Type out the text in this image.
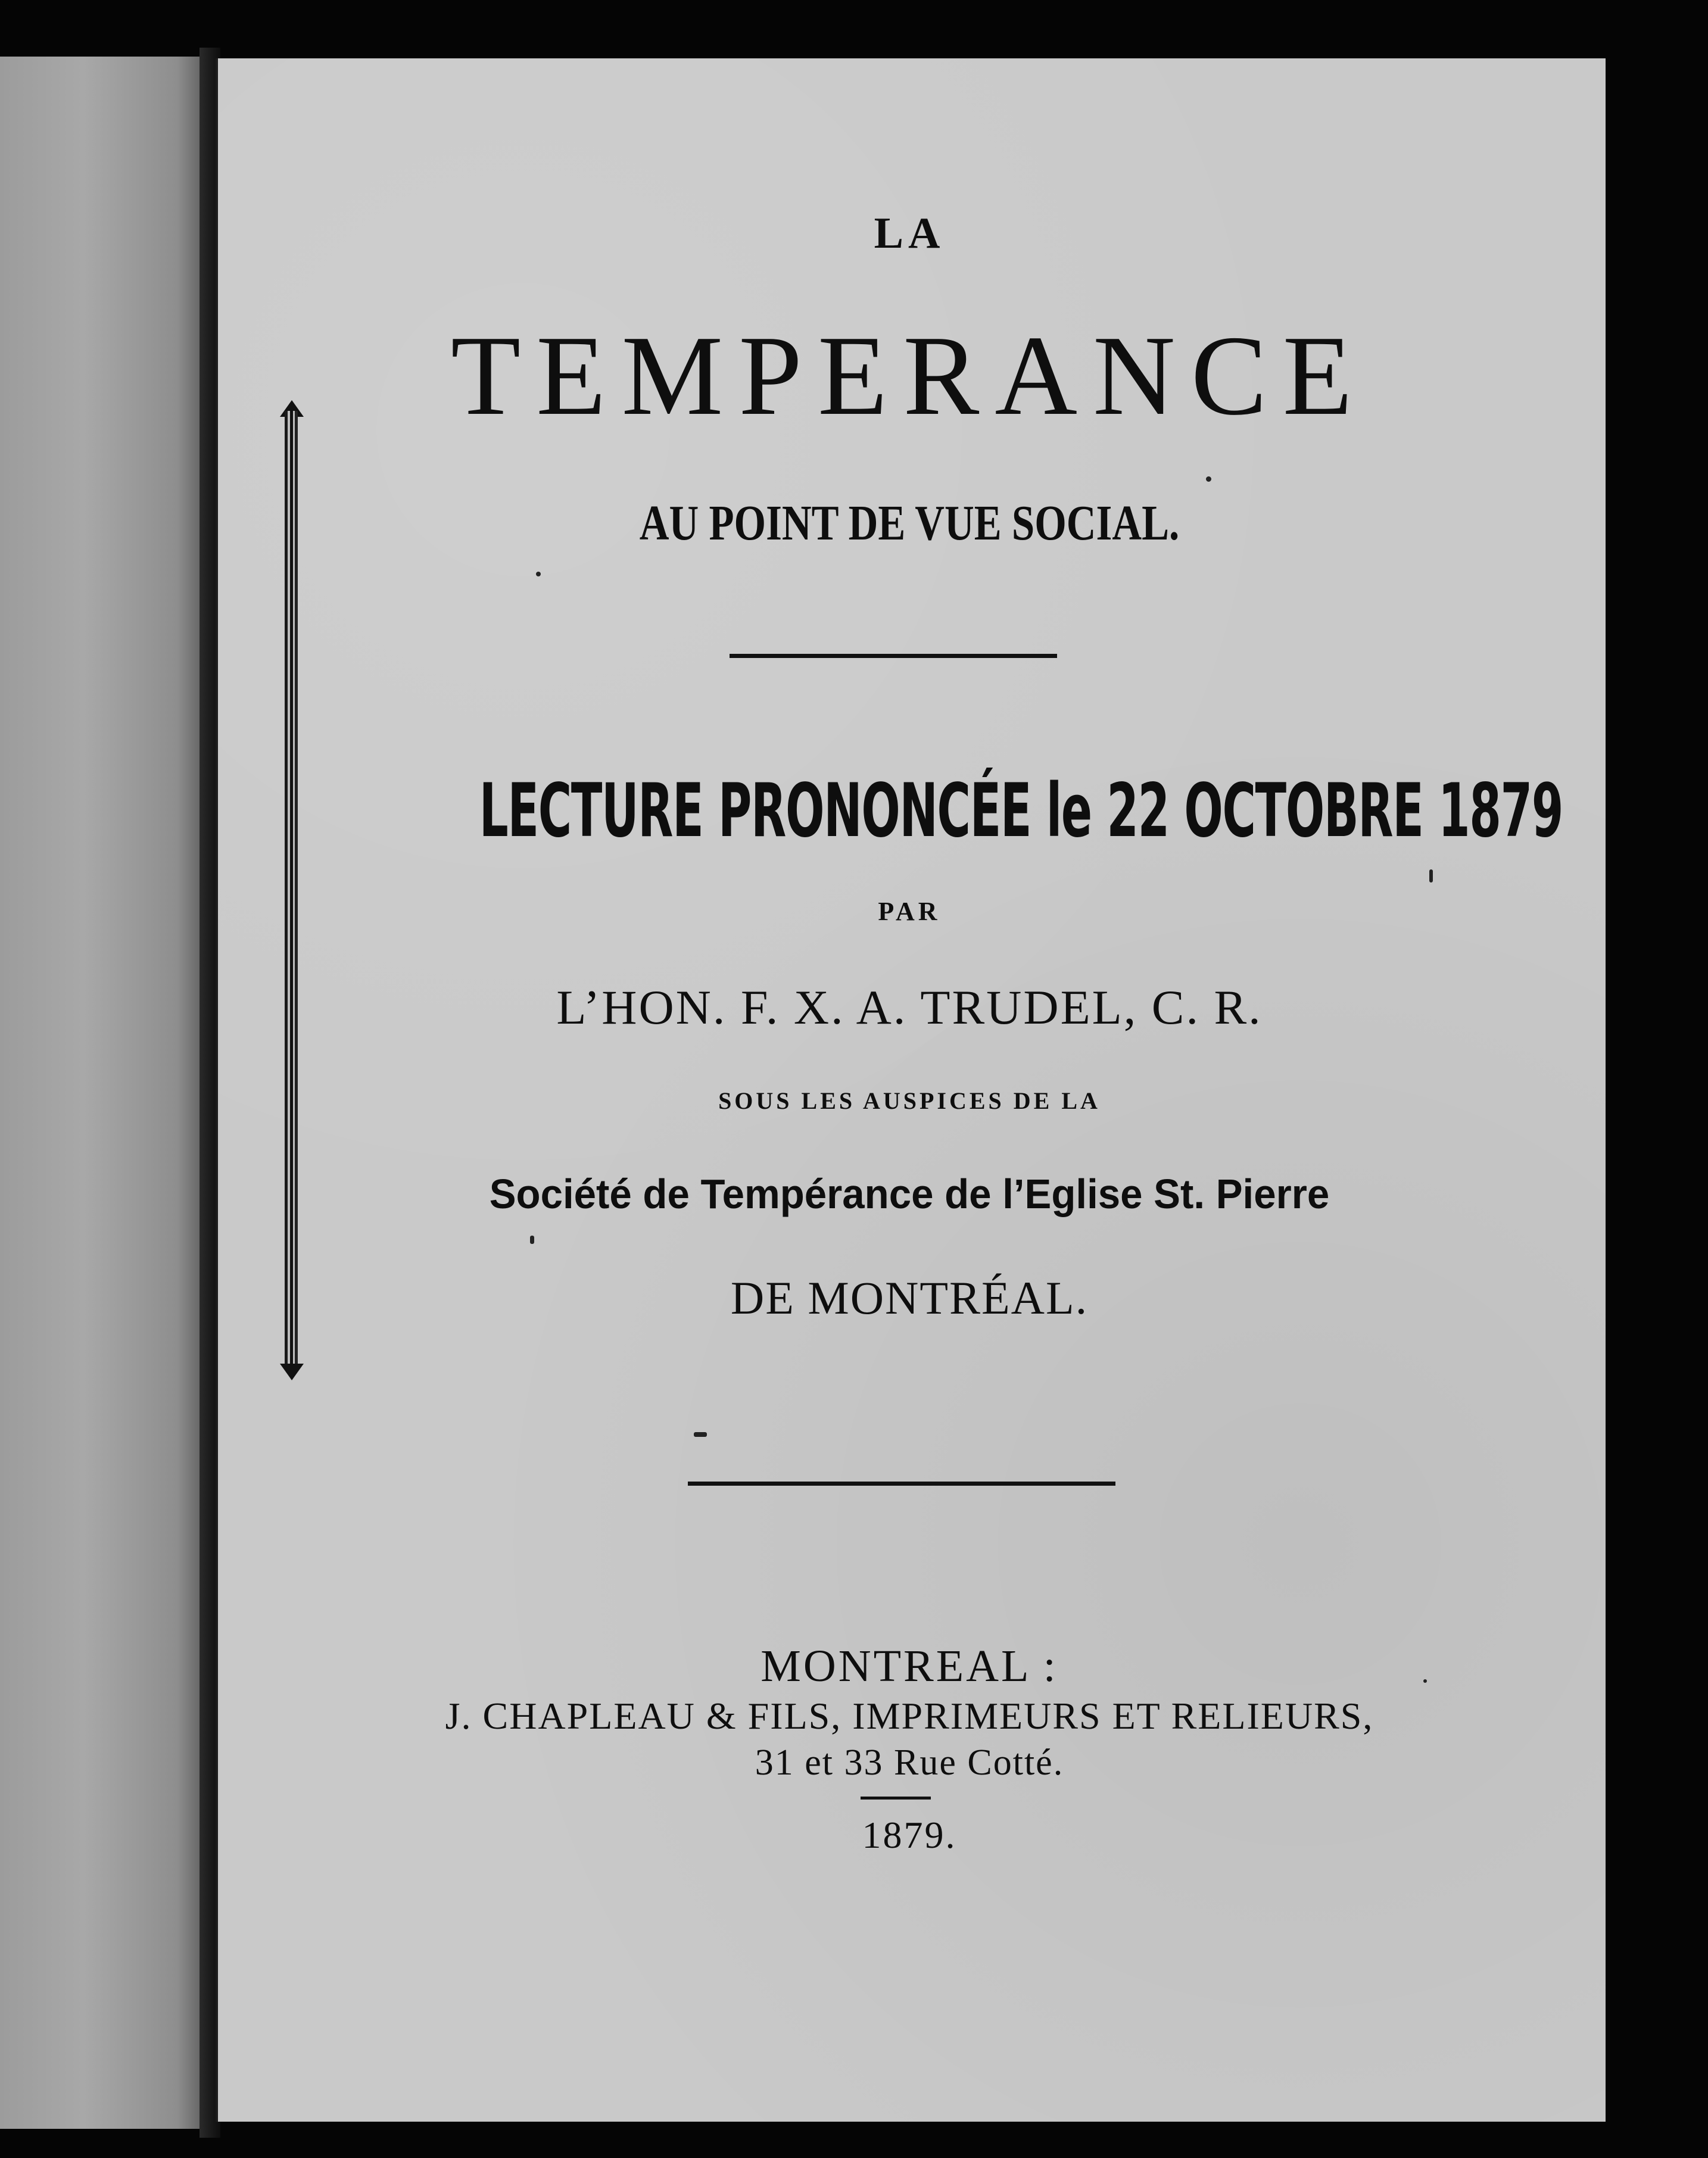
LA
TEMPERANCE
AU POINT DE VUE SOCIAL.
LECTURE PRONONCÉE le 22 OCTOBRE 1879
PAR
L’HON. F. X. A. TRUDEL, C. R.
SOUS LES AUSPICES DE LA
Société de Tempérance de l’Eglise St. Pierre
DE MONTRÉAL.
MONTREAL :
J. CHAPLEAU & FILS, IMPRIMEURS ET RELIEURS,
31 et 33 Rue Cotté.
1879.
